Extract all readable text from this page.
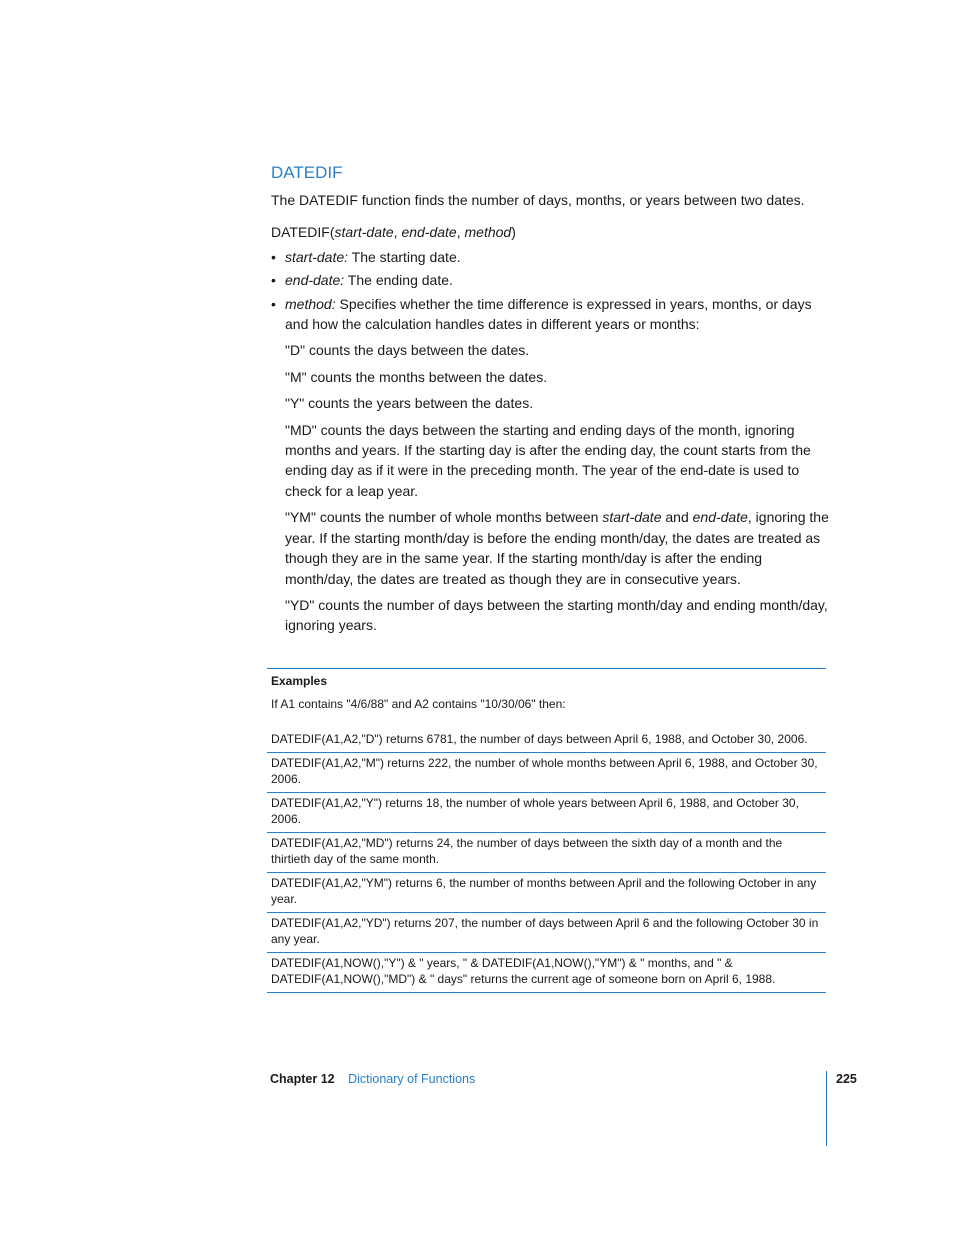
DATEDIF

The DATEDIF function finds the number of days, months, or years between two dates.

DATEDIF(start-date, end-date, method)

• start-date: The starting date.
• end-date: The ending date.
• method: Specifies whether the time difference is expressed in years, months, or days and how the calculation handles dates in different years or months:

"D" counts the days between the dates.

"M" counts the months between the dates.

"Y" counts the years between the dates.

"MD" counts the days between the starting and ending days of the month, ignoring months and years. If the starting day is after the ending day, the count starts from the ending day as if it were in the preceding month. The year of the end-date is used to check for a leap year.

"YM" counts the number of whole months between start-date and end-date, ignoring the year. If the starting month/day is before the ending month/day, the dates are treated as though they are in the same year. If the starting month/day is after the ending month/day, the dates are treated as though they are in consecutive years.

"YD" counts the number of days between the starting month/day and ending month/day, ignoring years.

Examples
If A1 contains "4/6/88" and A2 contains "10/30/06" then:
DATEDIF(A1,A2,"D") returns 6781, the number of days between April 6, 1988, and October 30, 2006.
DATEDIF(A1,A2,"M") returns 222, the number of whole months between April 6, 1988, and October 30, 2006.
DATEDIF(A1,A2,"Y") returns 18, the number of whole years between April 6, 1988, and October 30, 2006.
DATEDIF(A1,A2,"MD") returns 24, the number of days between the sixth day of a month and the thirtieth day of the same month.
DATEDIF(A1,A2,"YM") returns 6, the number of months between April and the following October in any year.
DATEDIF(A1,A2,"YD") returns 207, the number of days between April 6 and the following October 30 in any year.
DATEDIF(A1,NOW(),"Y") & " years, " & DATEDIF(A1,NOW(),"YM") & " months, and " & DATEDIF(A1,NOW(),"MD") & " days" returns the current age of someone born on April 6, 1988.
Chapter 12 Dictionary of Functions	225
